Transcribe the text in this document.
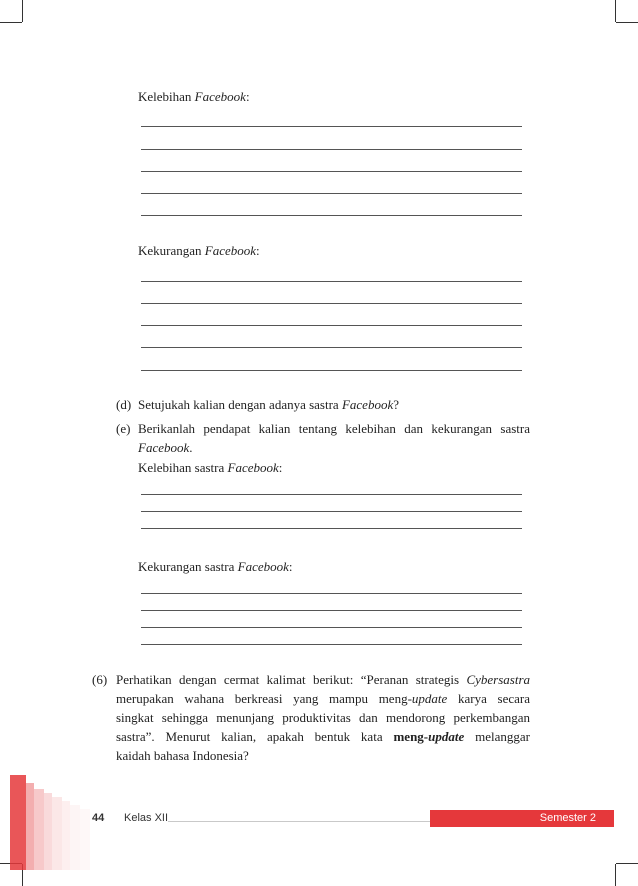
Kelebihan Facebook:
Kekurangan Facebook:
(d) Setujukah kalian dengan adanya sastra Facebook?
(e) Berikanlah pendapat kalian tentang kelebihan dan kekurangan sastra
Facebook.
Kelebihan sastra Facebook:
Kekurangan sastra Facebook:
(6) Perhatikan dengan cermat kalimat berikut: “Peranan strategis Cybersastra
merupakan wahana berkreasi yang mampu meng-update karya secara
singkat sehingga menunjang produktivitas dan mendorong perkembangan
sastra”. Menurut kalian, apakah bentuk kata meng-update melanggar
kaidah bahasa Indonesia?
44 Kelas XII	Semester 2
